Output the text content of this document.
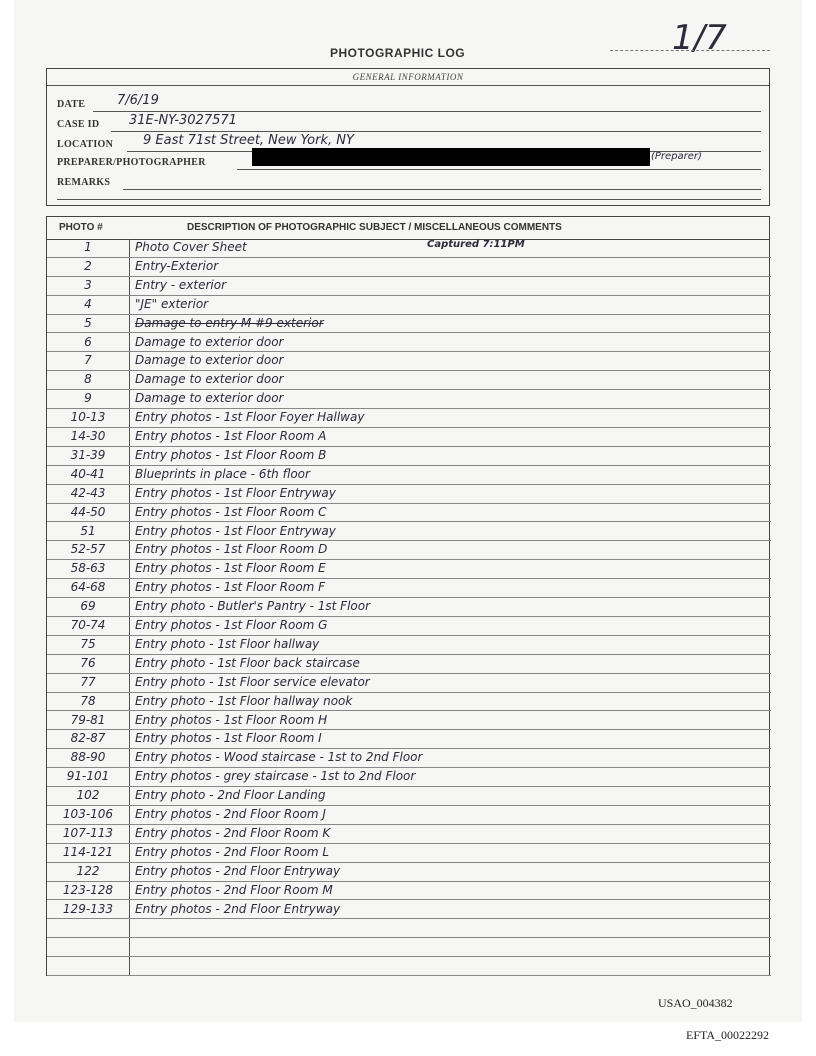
1/7
PHOTOGRAPHIC LOG
GENERAL INFORMATION
DATE 7/6/19
CASE ID 31E-NY-3027571
LOCATION 9 East 71st Street, New York, NY
PREPARER/PHOTOGRAPHER
(Preparer)
REMARKS
PHOTO #	DESCRIPTION OF PHOTOGRAPHIC SUBJECT / MISCELLANEOUS COMMENTS
1	Photo Cover Sheet	Captured 7:11PM
2	Entry-Exterior
3	Entry - exterior
4	"JE" exterior
5	Damage to entry M #9 exterior
6	Damage to exterior door
7	Damage to exterior door
8	Damage to exterior door
9	Damage to exterior door
10-13	Entry photos - 1st Floor Foyer Hallway
14-30	Entry photos - 1st Floor Room A
31-39	Entry photos - 1st Floor Room B
40-41	Blueprints in place - 6th floor
42-43	Entry photos - 1st Floor Entryway
44-50	Entry photos - 1st Floor Room C
51	Entry photos - 1st Floor Entryway
52-57	Entry photos - 1st Floor Room D
58-63	Entry photos - 1st Floor Room E
64-68	Entry photos - 1st Floor Room F
69	Entry photo - Butler's Pantry - 1st Floor
70-74	Entry photos - 1st Floor Room G
75	Entry photo - 1st Floor hallway
76	Entry photo - 1st Floor back staircase
77	Entry photo - 1st Floor service elevator
78	Entry photo - 1st Floor hallway nook
79-81	Entry photos - 1st Floor Room H
82-87	Entry photos - 1st Floor Room I
88-90	Entry photos - Wood staircase - 1st to 2nd Floor
91-101	Entry photos - grey staircase - 1st to 2nd Floor
102	Entry photo - 2nd Floor Landing
103-106	Entry photos - 2nd Floor Room J
107-113	Entry photos - 2nd Floor Room K
114-121	Entry photos - 2nd Floor Room L
122	Entry photos - 2nd Floor Entryway
123-128	Entry photos - 2nd Floor Room M
129-133	Entry photos - 2nd Floor Entryway
USAO_004382
EFTA_00022292
